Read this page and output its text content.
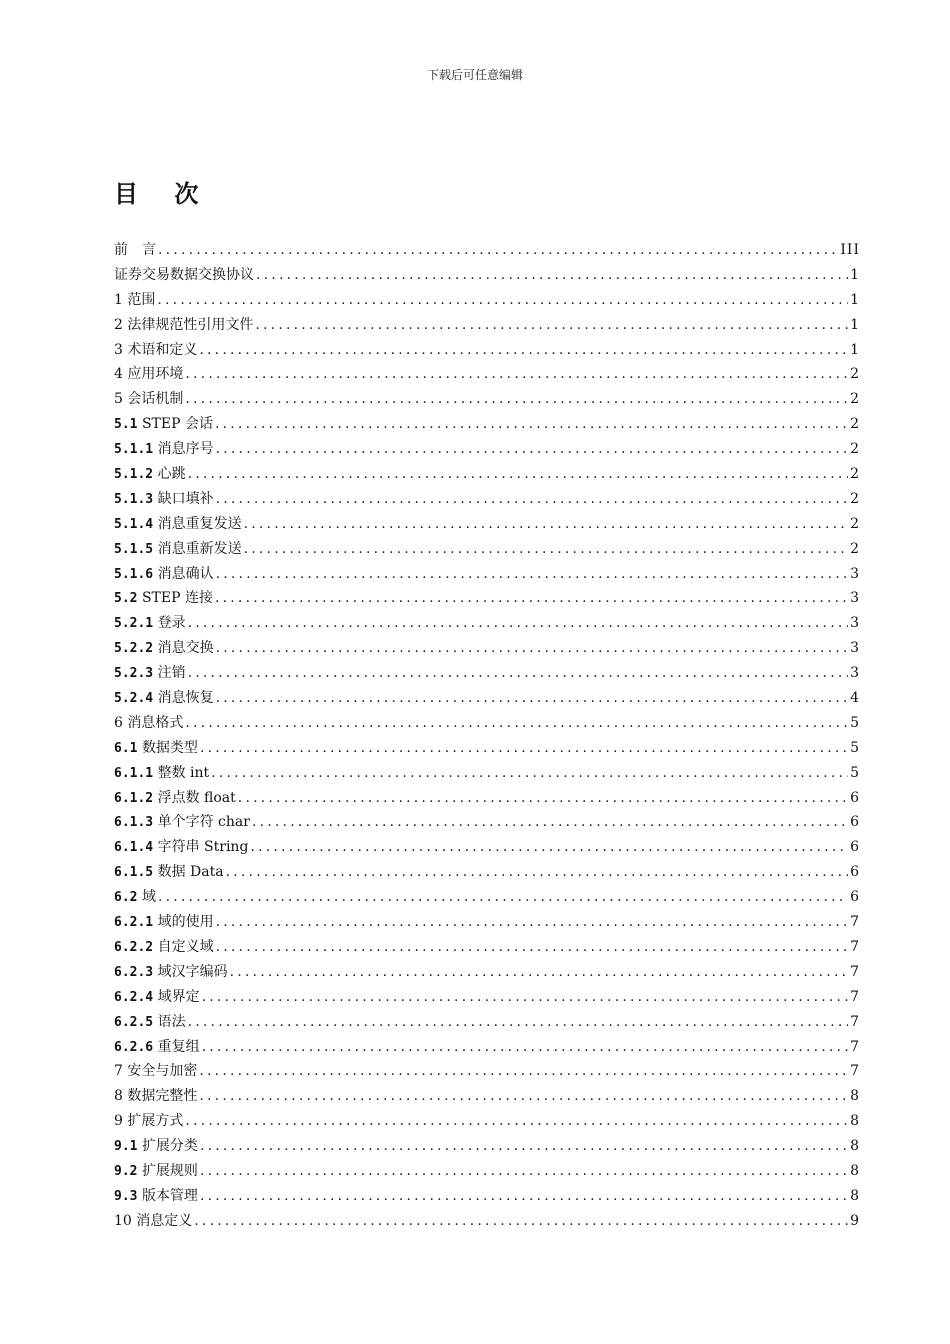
下载后可任意编辑
目 次
前　言 .....	III
证券交易数据交换协议 .....	1
1 范围 .....	1
2 法律规范性引用文件 .....	1
3 术语和定义 .....	1
4 应用环境 .....	2
5 会话机制 .....	2
5.1 STEP 会话 .....	2
5.1.1 消息序号 .....	2
5.1.2 心跳 .....	2
5.1.3 缺口填补 .....	2
5.1.4 消息重复发送 .....	2
5.1.5 消息重新发送 .....	2
5.1.6 消息确认 .....	3
5.2 STEP 连接 .....	3
5.2.1 登录 .....	3
5.2.2 消息交换 .....	3
5.2.3 注销 .....	3
5.2.4 消息恢复 .....	4
6 消息格式 .....	5
6.1 数据类型 .....	5
6.1.1 整数 int .....	5
6.1.2 浮点数 float .....	6
6.1.3 单个字符 char .....	6
6.1.4 字符串 String .....	6
6.1.5 数据 Data .....	6
6.2 域 .....	6
6.2.1 域的使用 .....	7
6.2.2 自定义域 .....	7
6.2.3 域汉字编码 .....	7
6.2.4 域界定 .....	7
6.2.5 语法 .....	7
6.2.6 重复组 .....	7
7 安全与加密 .....	7
8 数据完整性 .....	8
9 扩展方式 .....	8
9.1 扩展分类 .....	8
9.2 扩展规则 .....	8
9.3 版本管理 .....	8
10 消息定义 .....	9
